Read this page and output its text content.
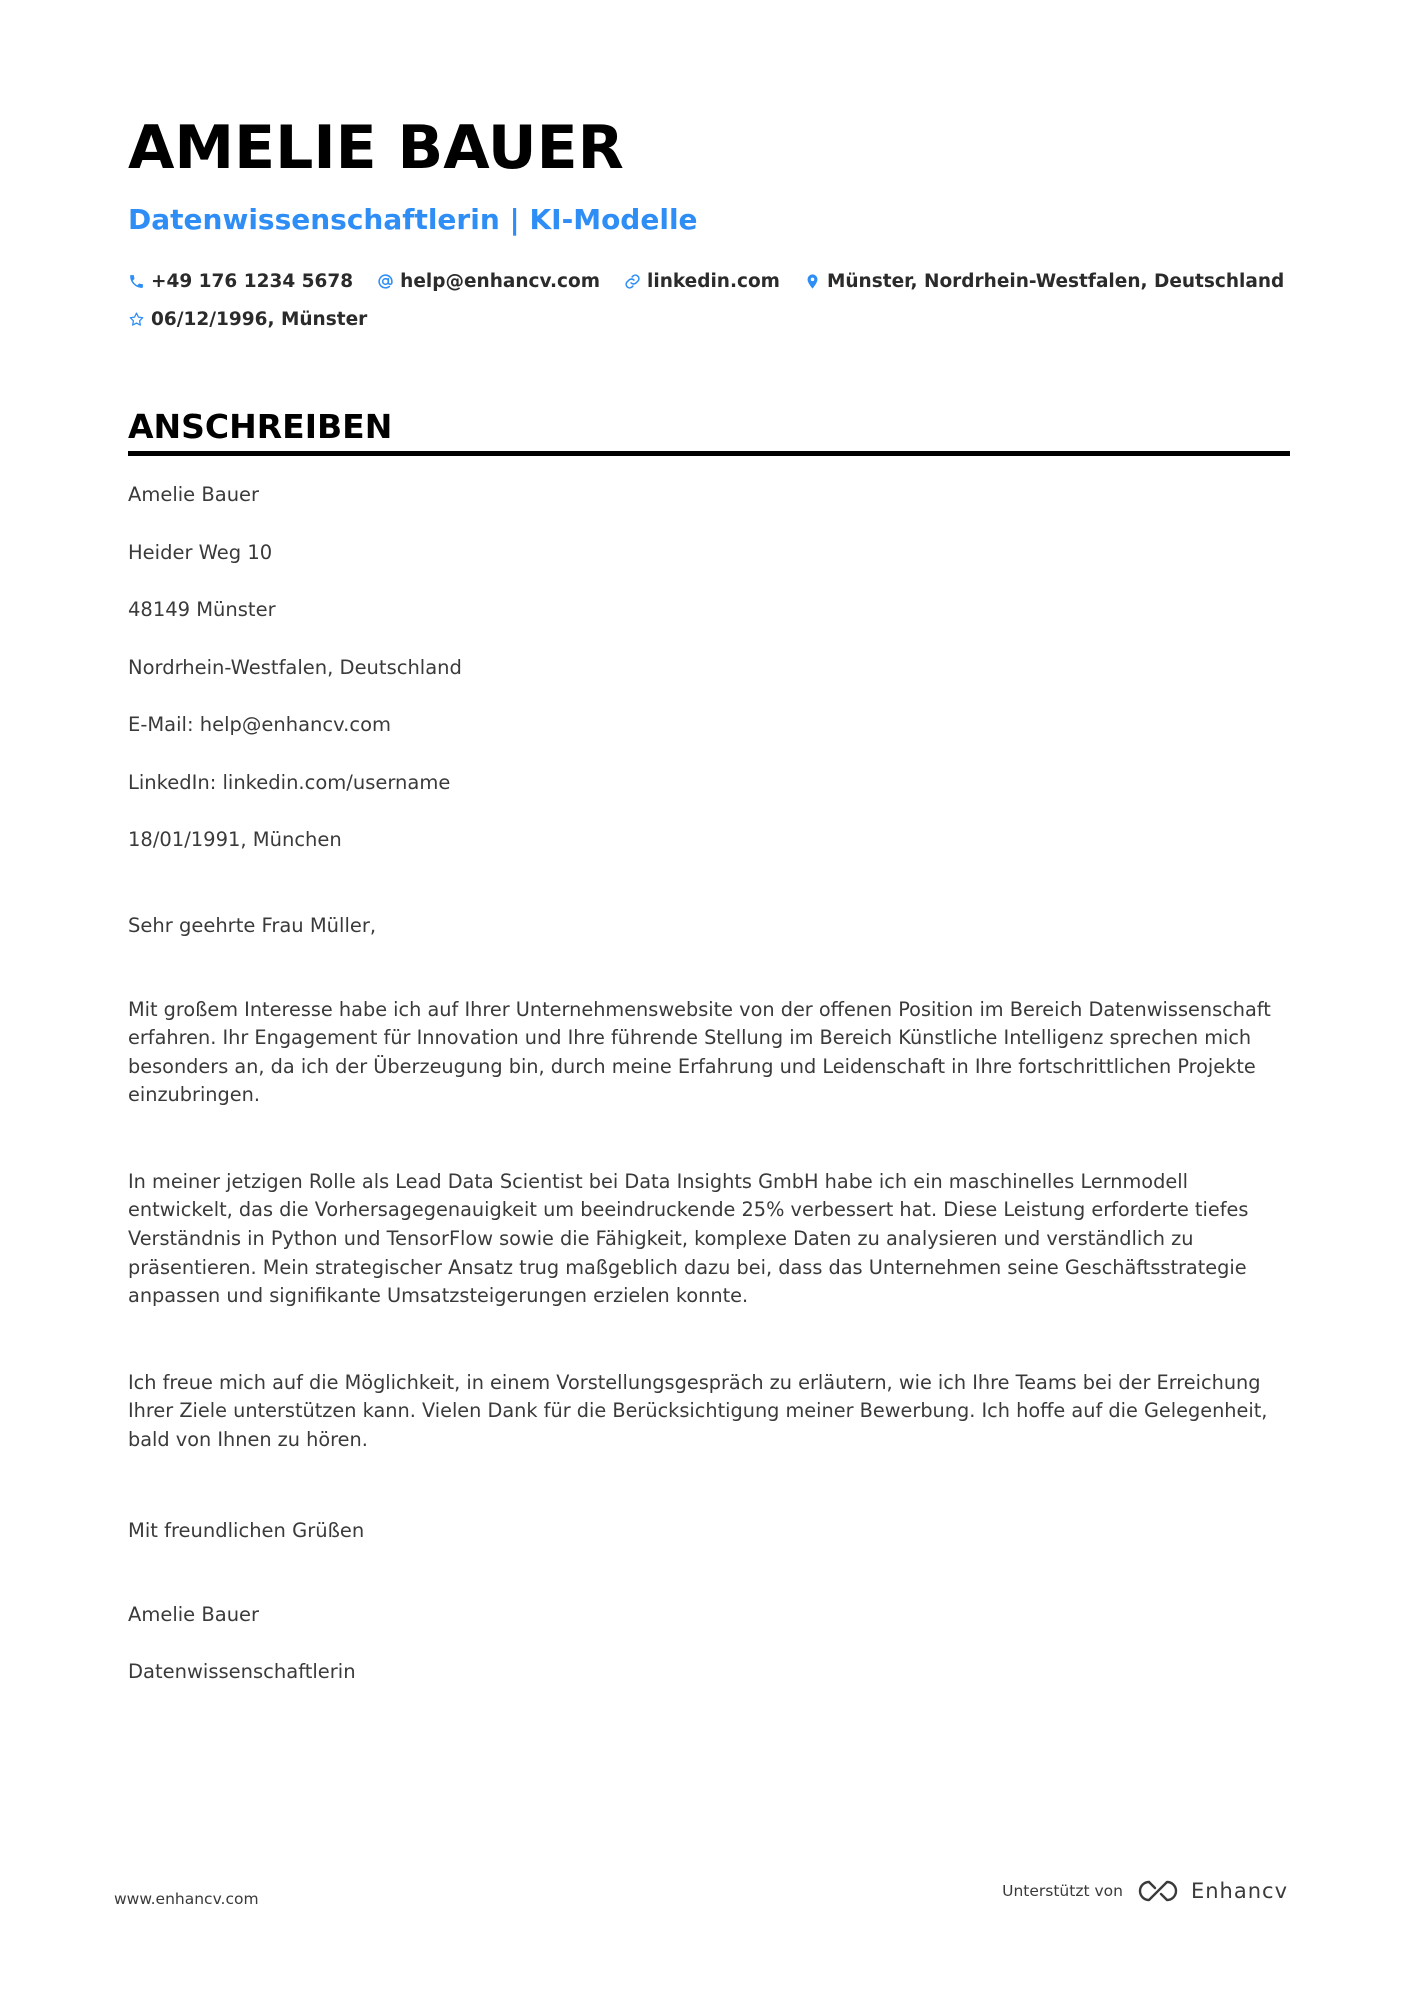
AMELIE BAUER
Datenwissenschaftlerin | KI-Modelle
+49 176 1234 5678	help@enhancv.com	linkedin.com	Münster, Nordrhein-Westfalen, Deutschland
06/12/1996, Münster
ANSCHREIBEN
Amelie Bauer
Heider Weg 10
48149 Münster
Nordrhein-Westfalen, Deutschland
E-Mail: help@enhancv.com
LinkedIn: linkedin.com/username
18/01/1991, München
Sehr geehrte Frau Müller,

Mit großem Interesse habe ich auf Ihrer Unternehmenswebsite von der offenen Position im Bereich Datenwissenschaft erfahren. Ihr Engagement für Innovation und Ihre führende Stellung im Bereich Künstliche Intelligenz sprechen mich besonders an, da ich der Überzeugung bin, durch meine Erfahrung und Leidenschaft in Ihre fortschrittlichen Projekte einzubringen.

In meiner jetzigen Rolle als Lead Data Scientist bei Data Insights GmbH habe ich ein maschinelles Lernmodell entwickelt, das die Vorhersagegenauigkeit um beeindruckende 25% verbessert hat. Diese Leistung erforderte tiefes Verständnis in Python und TensorFlow sowie die Fähigkeit, komplexe Daten zu analysieren und verständlich zu präsentieren. Mein strategischer Ansatz trug maßgeblich dazu bei, dass das Unternehmen seine Geschäftsstrategie anpassen und signifikante Umsatzsteigerungen erzielen konnte.

Ich freue mich auf die Möglichkeit, in einem Vorstellungsgespräch zu erläutern, wie ich Ihre Teams bei der Erreichung Ihrer Ziele unterstützen kann. Vielen Dank für die Berücksichtigung meiner Bewerbung. Ich hoffe auf die Gelegenheit, bald von Ihnen zu hören.

Mit freundlichen Grüßen
Amelie Bauer
Datenwissenschaftlerin
www.enhancv.com	Unterstützt von	Enhancv
